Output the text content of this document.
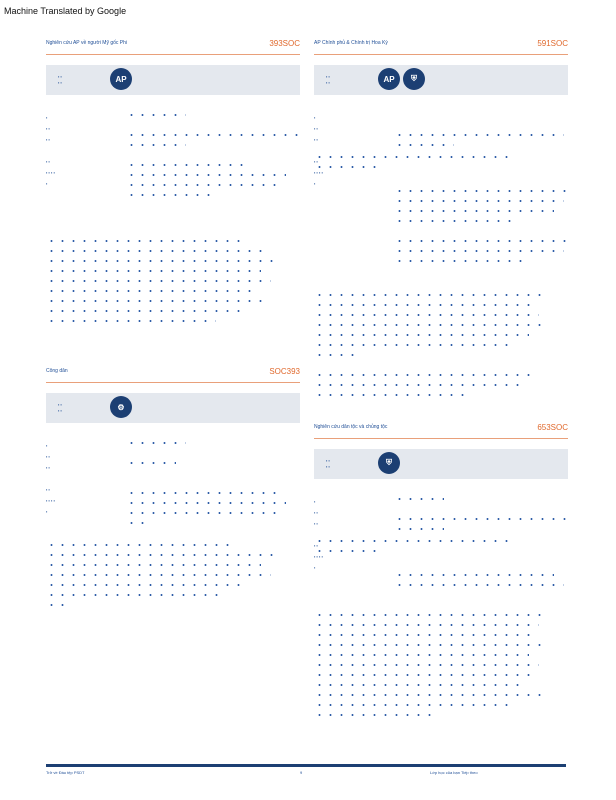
Machine Translated by Google
Nghiên cứu AP về người Mỹ gốc Phi	393SOC
▪ ▪
▪ ▪	AP
▪
▪ ▪
▪ ▪

▪ ▪
▪ ▪ ▪ ▪
▪
Công dân	SOC393
▪ ▪
▪ ▪	⚙
▪
▪ ▪
▪ ▪

▪ ▪
▪ ▪ ▪ ▪
▪
AP Chính phủ & Chính trị Hoa Kỳ	591SOC
▪ ▪
▪ ▪	AP	⛨
▪
▪ ▪
▪ ▪

▪ ▪
▪ ▪ ▪ ▪
▪
Nghiên cứu dân tộc và chủng tộc	653SOC
▪ ▪
▪ ▪	⛨
▪
▪ ▪
▪ ▪

▪ ▪
▪ ▪ ▪ ▪
▪
Trở về Đầu tệp PSDT	9	Lớp học của bạn Tiếp theo
